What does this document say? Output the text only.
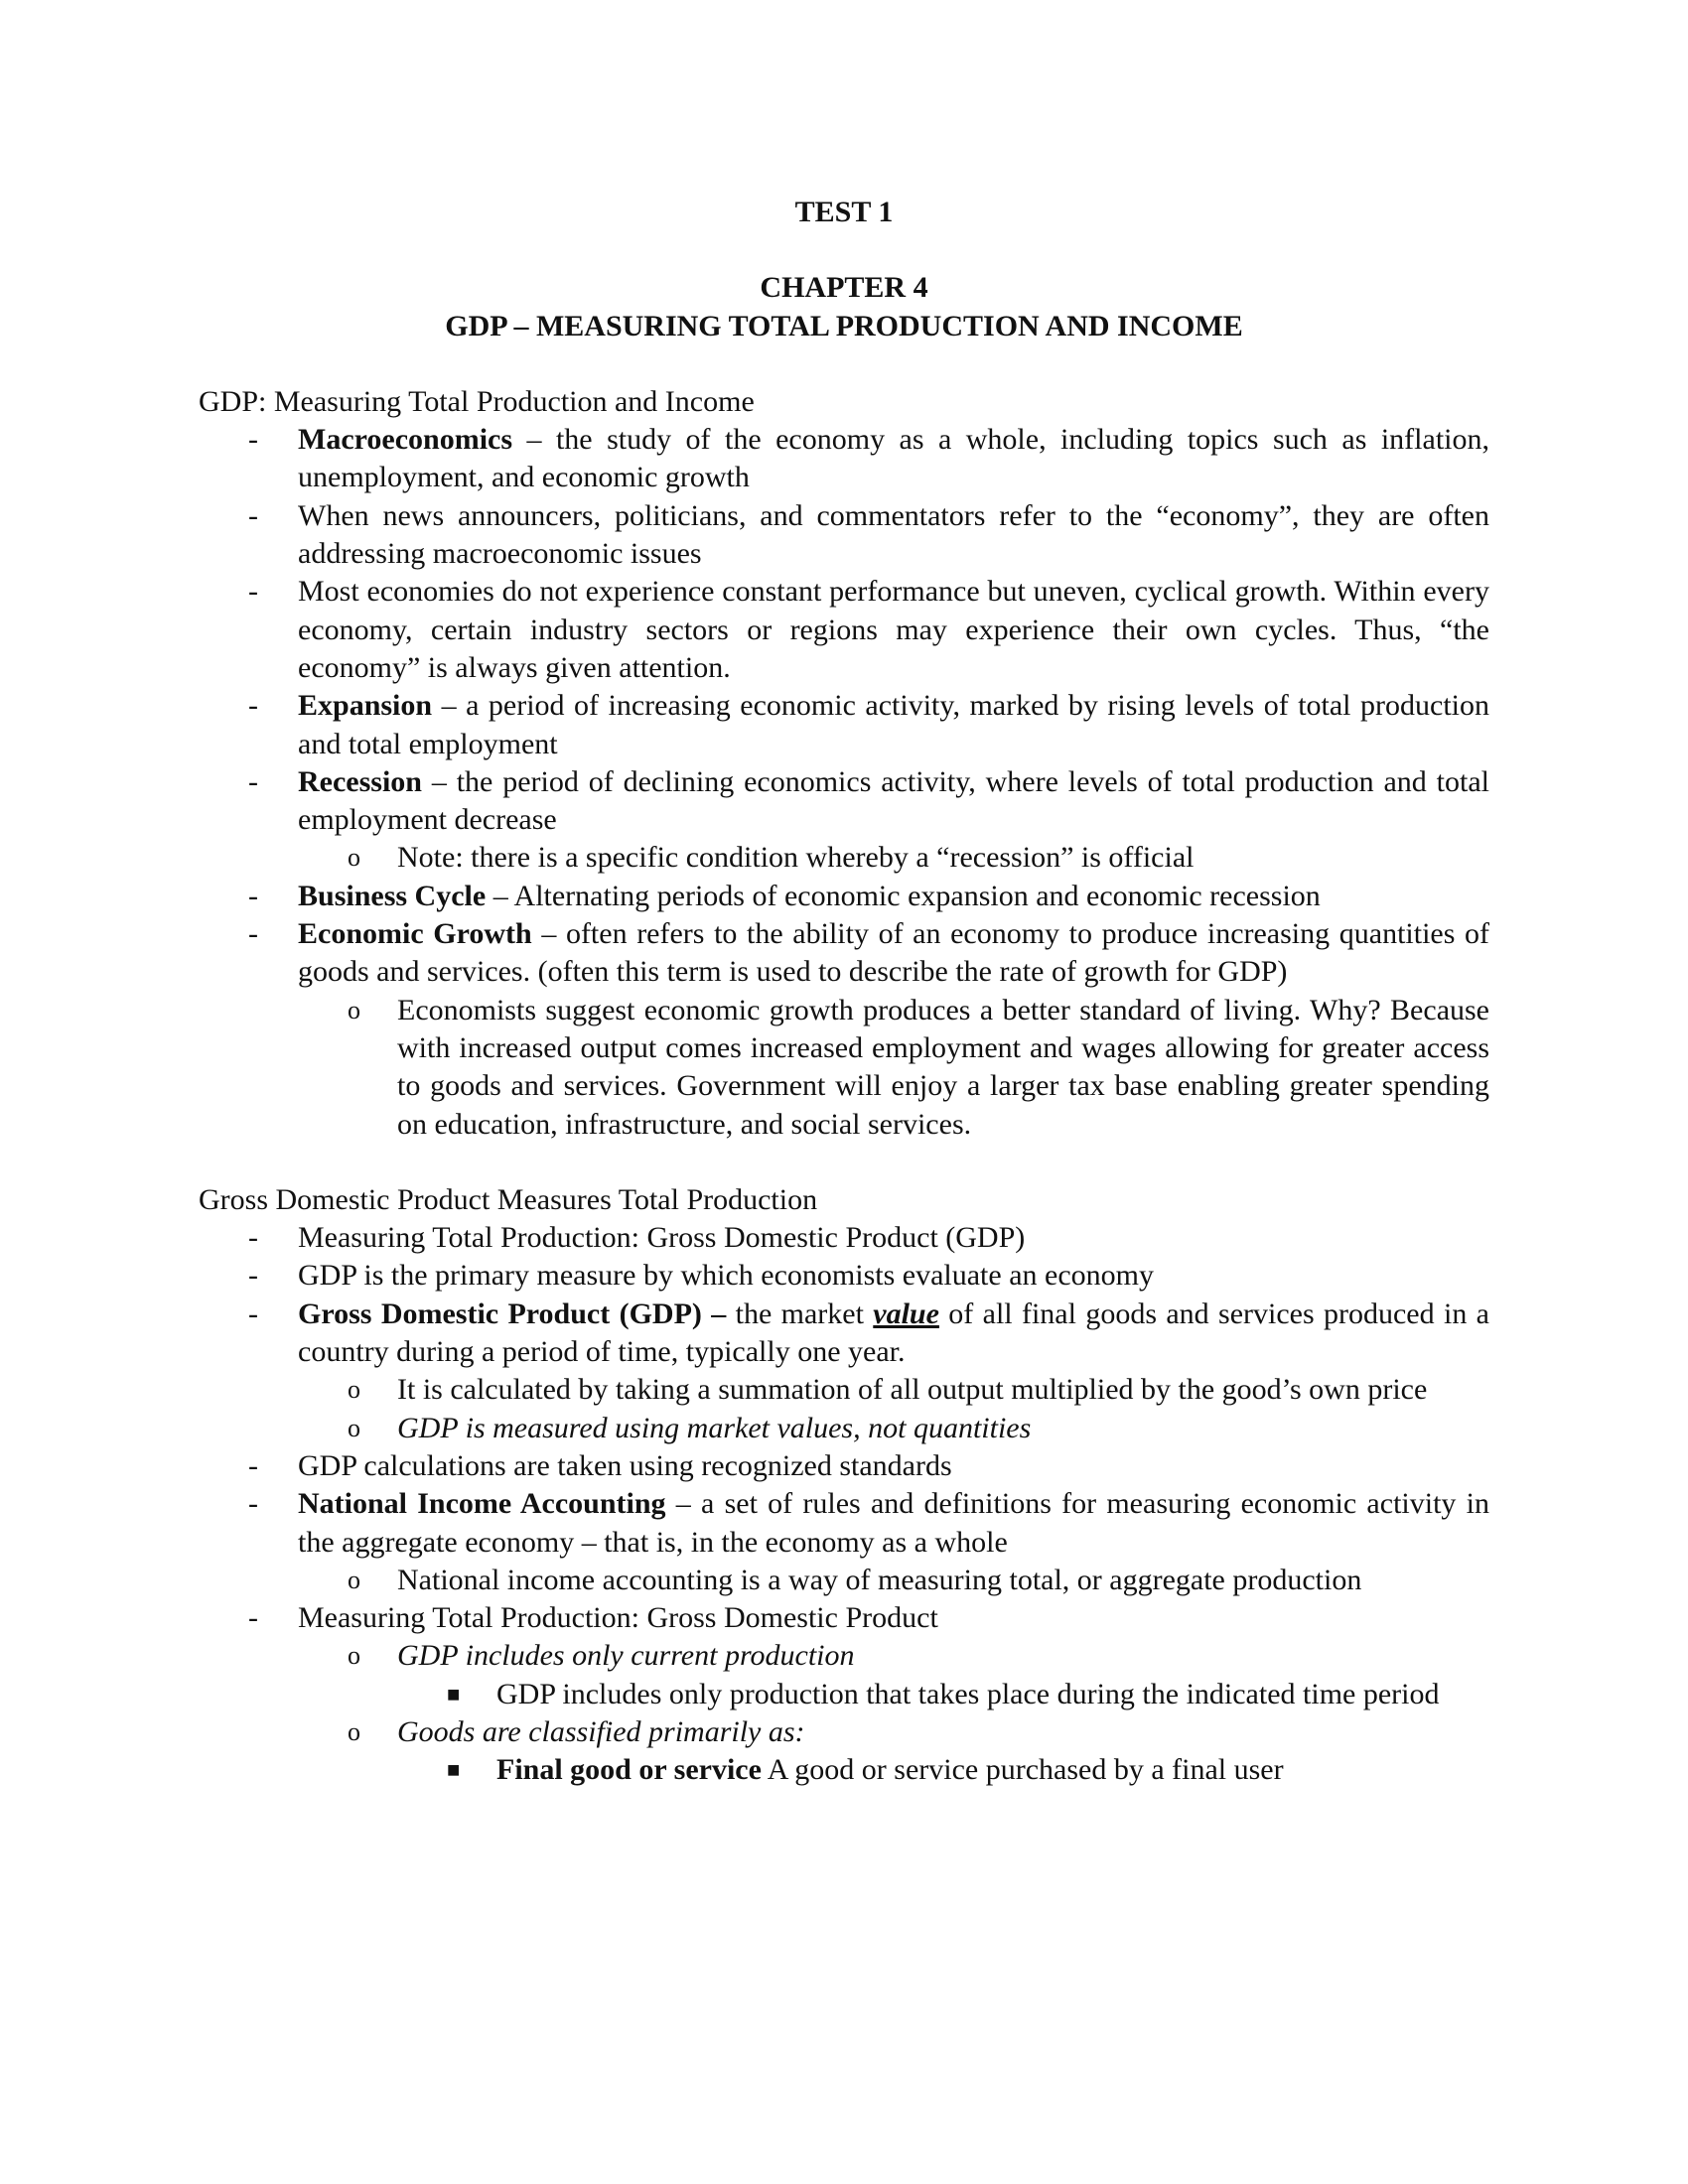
TEST 1
CHAPTER 4
GDP – MEASURING TOTAL PRODUCTION AND INCOME
GDP: Measuring Total Production and Income
- Macroeconomics – the study of the economy as a whole, including topics such as inflation, unemployment, and economic growth
- When news announcers, politicians, and commentators refer to the “economy”, they are often addressing macroeconomic issues
- Most economies do not experience constant performance but uneven, cyclical growth. Within every economy, certain industry sectors or regions may experience their own cycles. Thus, “the economy” is always given attention.
- Expansion – a period of increasing economic activity, marked by rising levels of total production and total employment
- Recession – the period of declining economics activity, where levels of total production and total employment decrease
o Note: there is a specific condition whereby a “recession” is official
- Business Cycle – Alternating periods of economic expansion and economic recession
- Economic Growth – often refers to the ability of an economy to produce increasing quantities of goods and services. (often this term is used to describe the rate of growth for GDP)
o Economists suggest economic growth produces a better standard of living. Why? Because with increased output comes increased employment and wages allowing for greater access to goods and services. Government will enjoy a larger tax base enabling greater spending on education, infrastructure, and social services.
Gross Domestic Product Measures Total Production
- Measuring Total Production: Gross Domestic Product (GDP)
- GDP is the primary measure by which economists evaluate an economy
- Gross Domestic Product (GDP) – the market value of all final goods and services produced in a country during a period of time, typically one year.
o It is calculated by taking a summation of all output multiplied by the good’s own price
o GDP is measured using market values, not quantities
- GDP calculations are taken using recognized standards
- National Income Accounting – a set of rules and definitions for measuring economic activity in the aggregate economy – that is, in the economy as a whole
o National income accounting is a way of measuring total, or aggregate production
- Measuring Total Production: Gross Domestic Product
o GDP includes only current production
■ GDP includes only production that takes place during the indicated time period
o Goods are classified primarily as:
■ Final good or service A good or service purchased by a final user
